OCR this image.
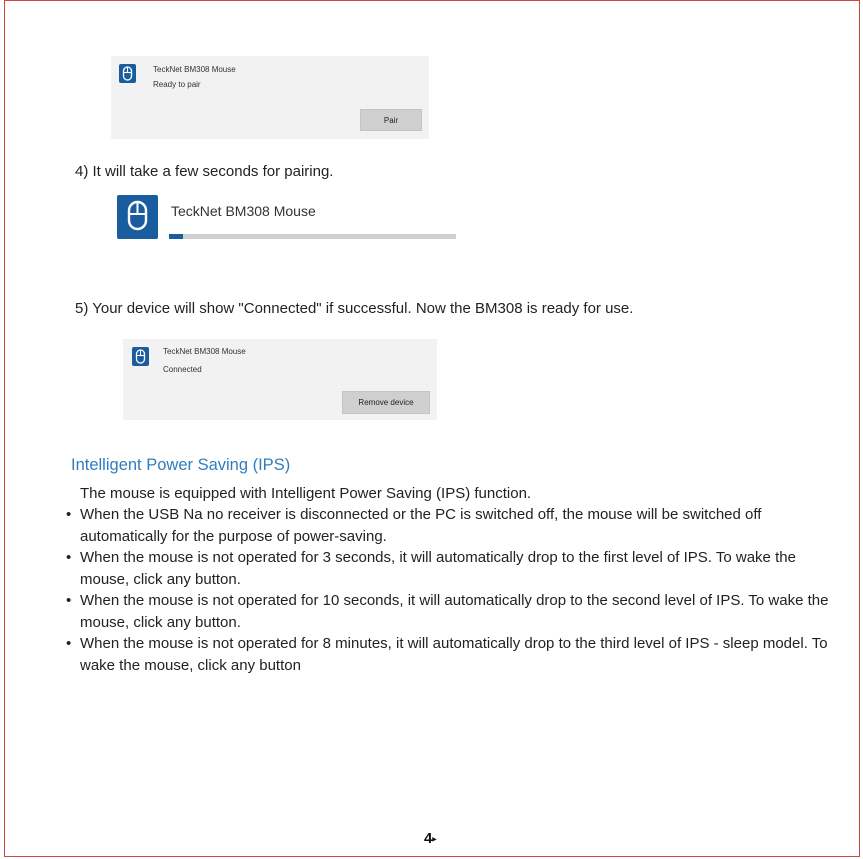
TeckNet BM308 Mouse
Ready to pair
Pair
4) It will take a few seconds for pairing.
TeckNet BM308 Mouse
5) Your device will show "Connected" if successful. Now the BM308 is ready for use.
TeckNet BM308 Mouse
Connected
Remove device
Intelligent Power Saving (IPS)
The mouse is equipped with Intelligent Power Saving (IPS) function.
• When the USB Na no receiver is disconnected or the PC is switched off, the mouse will be switched off automatically for the purpose of power-saving.
• When the mouse is not operated for 3 seconds, it will automatically drop to the first level of IPS. To wake the mouse, click any button.
• When the mouse is not operated for 10 seconds, it will automatically drop to the second level of IPS. To wake the mouse, click any button.
• When the mouse is not operated for 8 minutes, it will automatically drop to the third level of IPS - sleep model. To wake the mouse, click any button
4▸
